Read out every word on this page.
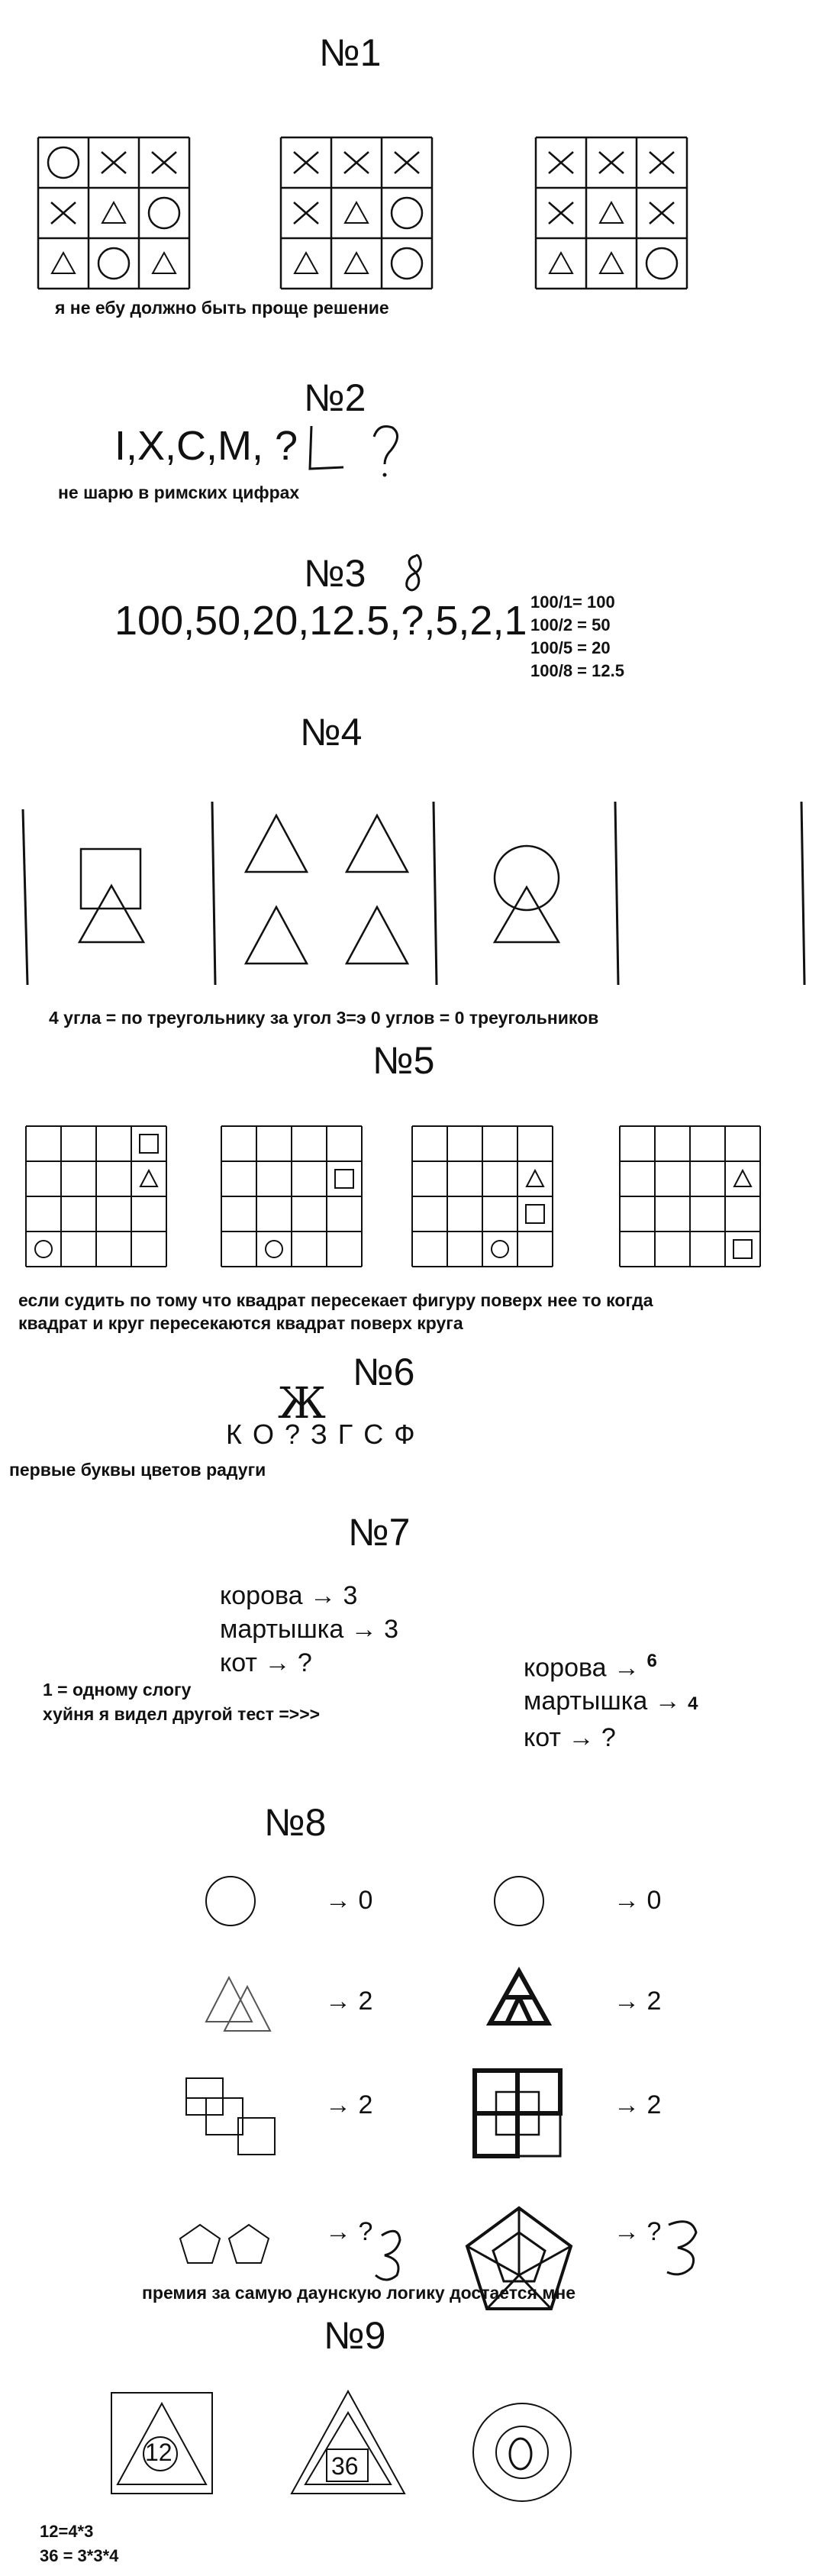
№1
я не ебу должно быть проще решение
№2
I,X,C,M, ?
не шарю в римских цифрах
№3
100,50,20,12.5,?,5,2,1 100/1= 100
100/2 = 50
100/5 = 20
100/8 = 12.5
№4
4 угла = по треугольнику за угол 3=э 0 углов = 0 треугольников
№5
если судить по тому что квадрат пересекает фигуру поверх нее то когда
квадрат и круг пересекаются квадрат поверх круга
№6
Ж
К О ? З Г С Ф
первые буквы цветов радуги
№7
корова → 3
мартышка → 3
кот → ?
1 = одному слогу
хуйня я видел другой тест =>>>
корова → $^6$
мартышка → 4
кот → ?
№8
→ 0	→ 0
→ 2	→ 2
→ 2	→ 2
→ ?	→ ?
премия за самую даунскую логику достается мне
№9
12	36
12=4*3
36 = 3*3*4
